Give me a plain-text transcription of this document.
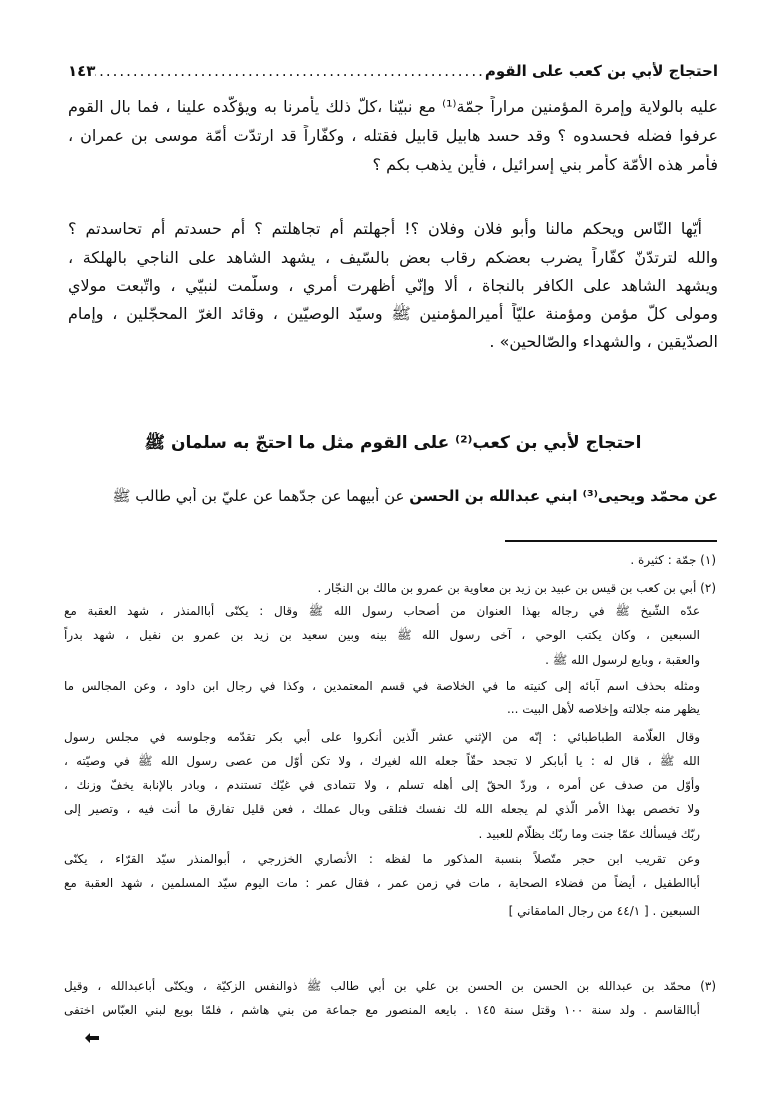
احتجاج لأُبي بن كعب على القوم
.....
١٤٣
عليه بالولاية وإمرة المؤمنين مراراً جمّة⁽¹⁾ مع نبيّنا ،كلّ ذلك يأمرنا به ويؤكّده علينا ، فما بال القوم
عرفوا فضله فحسدوه ؟ وقد حسد هابيل قابيل فقتله ، وكفّاراً قد ارتدّت أُمّة موسى بن عمران ،
فأمر هذه الأُمّة كأمر بني إسرائيل ، فأين يذهب بكم ؟
أيّها النّاس ويحكم مالنا وأبو فلان وفلان ؟! أجهلتم أم تجاهلتم ؟ أم حسدتم أم تحاسدتم ؟
والله لترتدّنّ كفّاراً يضرب بعضكم رقاب بعض بالسّيف ، يشهد الشاهد على الناجي بالهلكة ،
ويشهد الشاهد على الكافر بالنجاة ، ألا وإنّي أظهرت أمري ، وسلّمت لنبيّي ، واتّبعت مولاي
ومولى كلّ مؤمن ومؤمنة عليّاً أميرالمؤمنين ﷺ وسيّد الوصيّين ، وقائد الغرّ المحجّلين ، وإمام
الصدّيقين ، والشهداء والصّالحين» .
احتجاج لأبي بن كعب⁽²⁾ على القوم مثل ما احتجّ به سلمان ﷺ
عن محمّد ويحيى⁽³⁾ ابني عبدالله بن الحسن عن أبيهما عن جدّهما عن عليّ بن أبي طالب ﷺ
(١) جمّة : كثيرة .
(٢) أبي بن كعب بن قيس بن عبيد بن زيد بن معاوية بن عمرو بن مالك بن النجّار .
عدّه الشّيخ ﷺ في رجاله بهذا العنوان من أصحاب رسول الله ﷺ وقال : يكنّى أباالمنذر ، شهد العقبة مع
السبعين ، وكان يكتب الوحي ، آخى رسول الله ﷺ بينه وبين سعيد بن زيد بن عمرو بن نفيل ، شهد بدراً
والعقبة ، وبايع لرسول الله ﷺ .
ومثله بحذف اسم آبائه إلى كنيته ما في الخلاصة في قسم المعتمدين ، وكذا في رجال ابن داود ، وعن المجالس ما
يظهر منه جلالته وإخلاصه لأهل البيت ...
وقال العلّامة الطباطبائي : إنّه من الإثني عشر الّذين أنكروا على أبي بكر تقدّمه وجلوسه في مجلس رسول
الله ﷺ ، قال له : يا أبابكر لا تجحد حقّاً جعله الله لغيرك ، ولا تكن أوّل من عصى رسول الله ﷺ في وصيّته ،
وأوّل من صدف عن أمره ، وردّ الحقّ إلى أهله تسلم ، ولا تتمادى في غيّك تستندم ، وبادر بالإنابة يخفّ وزنك ،
ولا تخصص بهذا الأمر الّذي لم يجعله الله لك نفسك فتلقى وبال عملك ، فعن قليل تفارق ما أنت فيه ، وتصير إلى
ربّك فيسألك عمّا جنت وما ربّك بظلّام للعبيد .
وعن تقريب ابن حجر متّصلاً بنسبة المذكور ما لفظه : الأنصاري الخزرجي ، أبوالمنذر سيّد القرّاء ، يكنّى
أباالطفيل ، أيضاً من فضلاء الصحابة ، مات في زمن عمر ، فقال عمر : مات اليوم سيّد المسلمين ، شهد العقبة مع
السبعين . [ ٤٤/١ من رجال المامقاني ]
(٣) محمّد بن عبدالله بن الحسن بن الحسن بن علي بن أبي طالب ﷺ ذوالنفس الزكيّة ، ويكنّى أباعبدالله ، وقيل
أباالقاسم . ولد سنة ١٠٠ وقتل سنة ١٤٥ . بايعه المنصور مع جماعة من بني هاشم ، فلمّا بويع لبني العبّاس اختفى
